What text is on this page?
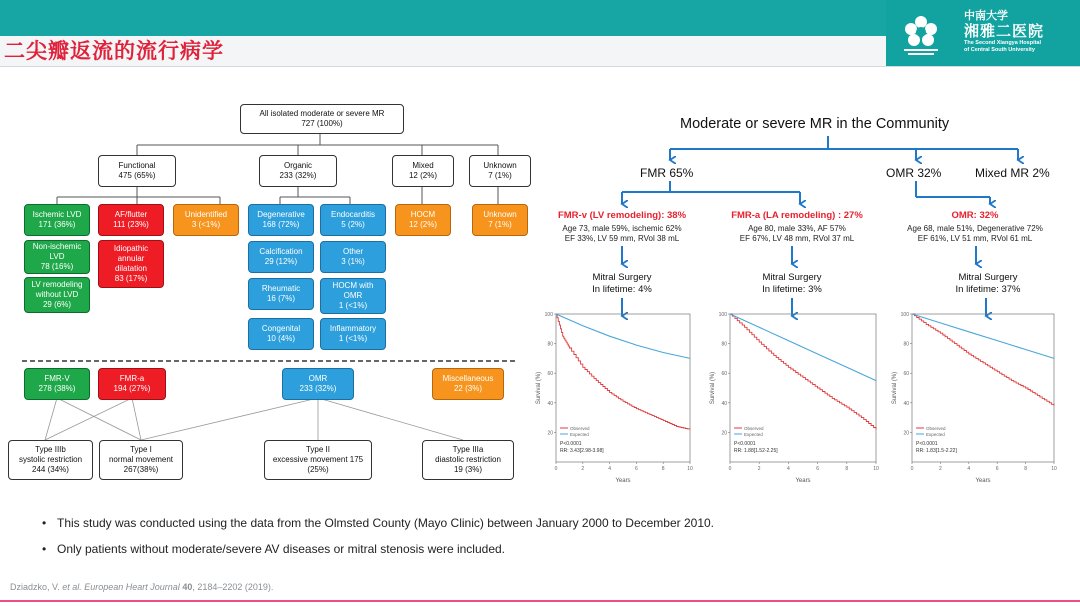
二尖瓣返流的流行病学
中南大学
湘雅二医院
The Second Xiangya Hospital
of Central South University
All isolated moderate or severe MR
727 (100%)
Functional
475 (65%)
Organic
233 (32%)
Mixed
12 (2%)
Unknown
7 (1%)
Ischemic LVD
171 (36%)
AF/flutter
111 (23%)
Unidentified
3 (<1%)
Non-ischemic
LVD
78 (16%)
Idiopathic
annular
dilatation
83 (17%)
LV remodeling
without LVD
29 (6%)
Degenerative
168 (72%)
Endocarditis
5 (2%)
Calcification
29 (12%)
Other
3 (1%)
Rheumatic
16 (7%)
HOCM with
OMR
1 (<1%)
Congenital
10 (4%)
Inflammatory
1 (<1%)
HOCM
12 (2%)
Unknown
7 (1%)
FMR-V
278 (38%)
FMR-a
194 (27%)
OMR
233 (32%)
Miscellaneous
22 (3%)
Type IIIb
systolic restriction
244 (34%)
Type I
normal movement
267(38%)
Type II
excessive movement 175
(25%)
Type IIIa
diastolic restriction
19 (3%)
Moderate or severe MR in the Community
FMR 65%	OMR 32%	Mixed MR 2%
FMR-v (LV remodeling): 38%
Age 73, male 59%, ischemic 62%
EF 33%, LV 59 mm, RVol 38 mL
Mitral Surgery
In lifetime: 4%
FMR-a (LA remodeling) : 27%
Age 80, male 33%, AF 57%
EF 67%, LV 48 mm, RVol 37 mL
Mitral Surgery
In lifetime: 3%
OMR: 32%
Age 68, male 51%, Degenerative 72%
EF 61%, LV 51 mm, RVol 61 mL
Mitral Surgery
In lifetime: 37%
20
40
60
80
100
0	2	4	6	8	10
Years
Survival (%)
Observed
Expected
P<0.0001
RR: 3.43[2.98-3.98]
20
40
60
80
100
0	2	4	6	8	10
Years
Survival (%)
Observed
Expected
P<0.0001
RR: 1.88[1.52-2.25]
20
40
60
80
100
0	2	4	6	8	10
Years
Survival (%)
Observed
Expected
P<0.0001
RR: 1.83[1.5-2.22]
• This study was conducted using the data from the Olmsted County (Mayo Clinic) between January 2000 to December 2010.
• Only patients without moderate/severe AV diseases or mitral stenosis were included.
Dziadzko, V. et al. European Heart Journal 40, 2184–2202 (2019).
